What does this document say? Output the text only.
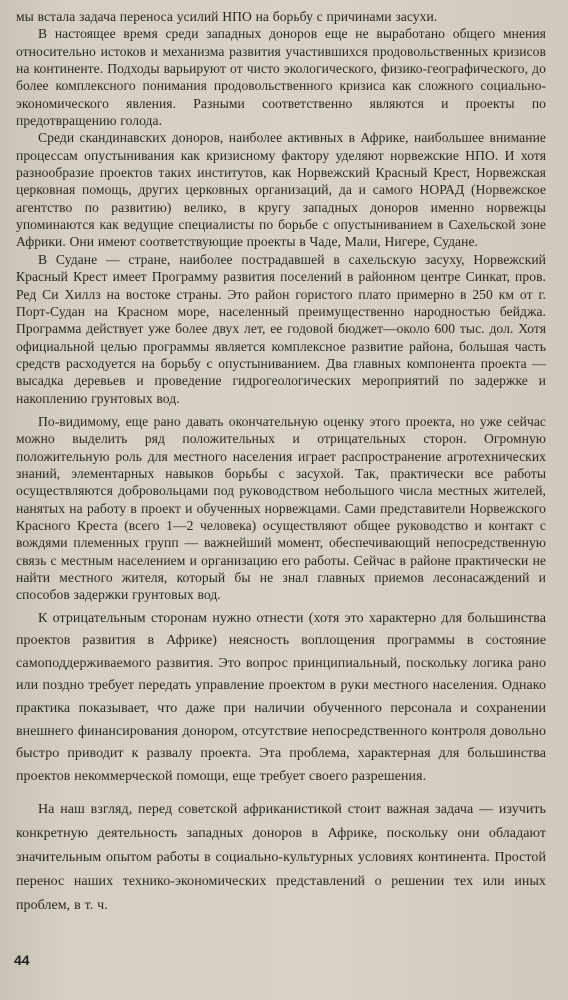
мы встала задача переноса усилий НПО на борьбу с причинами засухи.

В настоящее время среди западных доноров еще не выработано общего мнения относительно истоков и механизма развития участившихся продовольственных кризисов на континенте. Подходы варьируют от чисто экологического, физико-географического, до более комплексного понимания продовольственного кризиса как сложного социально-экономического явления. Разными соответственно являются и проекты по предотвращению голода.

Среди скандинавских доноров, наиболее активных в Африке, наибольшее внимание процессам опустынивания как кризисному фактору уделяют норвежские НПО. И хотя разнообразие проектов таких институтов, как Норвежский Красный Крест, Норвежская церковная помощь, других церковных организаций, да и самого НОРАД (Норвежское агентство по развитию) велико, в кругу западных доноров именно норвежцы упоминаются как ведущие специалисты по борьбе с опустыниванием в Сахельской зоне Африки. Они имеют соответствующие проекты в Чаде, Мали, Нигере, Судане.

В Судане — стране, наиболее пострадавшей в сахельскую засуху, Норвежский Красный Крест имеет Программу развития поселений в районном центре Синкат, пров. Ред Си Хиллз на востоке страны. Это район гористого плато примерно в 250 км от г. Порт-Судан на Красном море, населенный преимущественно народностью бейджа. Программа действует уже более двух лет, ее годовой бюджет—около 600 тыс. дол. Хотя официальной целью программы является комплексное развитие района, большая часть средств расходуется на борьбу с опустыниванием. Два главных компонента проекта — высадка деревьев и проведение гидрогеологических мероприятий по задержке и накоплению грунтовых вод.

По-видимому, еще рано давать окончательную оценку этого проекта, но уже сейчас можно выделить ряд положительных и отрицательных сторон. Огромную положительную роль для местного населения играет распространение агротехнических знаний, элементарных навыков борьбы с засухой. Так, практически все работы осуществляются добровольцами под руководством небольшого числа местных жителей, нанятых на работу в проект и обученных норвежцами. Сами представители Норвежского Красного Креста (всего 1—2 человека) осуществляют общее руководство и контакт с вождями племенных групп — важнейший момент, обеспечивающий непосредственную связь с местным населением и организацию его работы. Сейчас в районе практически не найти местного жителя, который бы не знал главных приемов лесонасаждений и способов задержки грунтовых вод.

К отрицательным сторонам нужно отнести (хотя это характерно для большинства проектов развития в Африке) неясность воплощения программы в состояние самоподдерживаемого развития. Это вопрос принципиальный, поскольку логика рано или поздно требует передать управление проектом в руки местного населения. Однако практика показывает, что даже при наличии обученного персонала и сохранении внешнего финансирования донором, отсутствие непосредственного контроля довольно быстро приводит к развалу проекта. Эта проблема, характерная для большинства проектов некоммерческой помощи, еще требует своего разрешения.

На наш взгляд, перед советской африканистикой стоит важная задача — изучить конкретную деятельность западных доноров в Африке, поскольку они обладают значительным опытом работы в социально-культурных условиях континента. Простой перенос наших технико-экономических представлений о решении тех или иных проблем, в т. ч.

44
